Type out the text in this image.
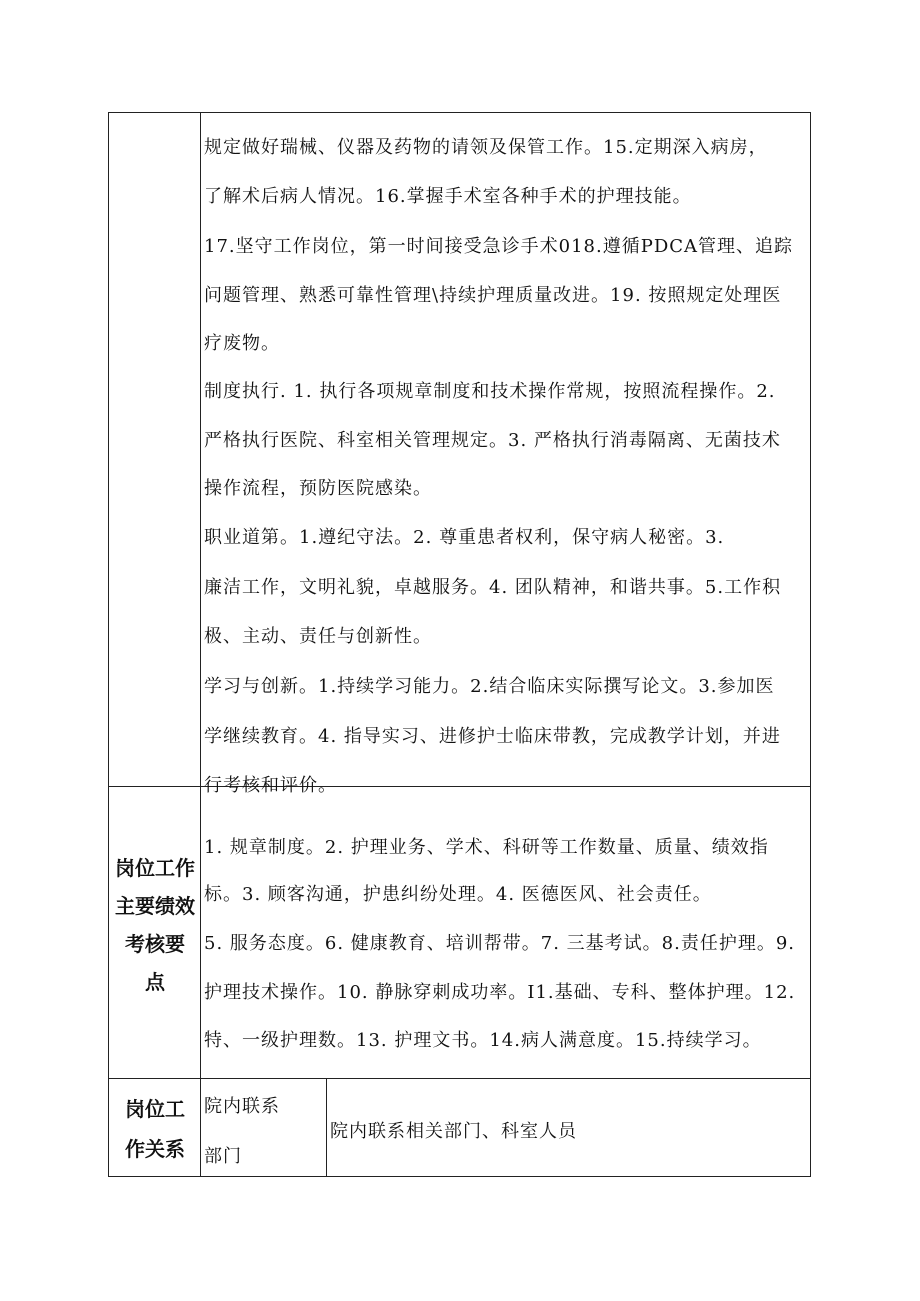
规定做好瑞械、仪器及药物的请领及保管工作。15.定期深入病房，
了解术后病人情况。16.掌握手术室各种手术的护理技能。
17.坚守工作岗位，第一时间接受急诊手术018.遵循PDCA管理、追踪
问题管理、熟悉可靠性管理\持续护理质量改进。19. 按照规定处理医
疗废物。
制度执行. 1. 执行各项规章制度和技术操作常规，按照流程操作。2.
严格执行医院、科室相关管理规定。3. 严格执行消毒隔离、无菌技术
操作流程，预防医院感染。
职业道第。1.遵纪守法。2. 尊重患者权利，保守病人秘密。3.
廉洁工作，文明礼貌，卓越服务。4. 团队精神，和谐共事。5.工作积
极、主动、责任与创新性。
学习与创新。1.持续学习能力。2.结合临床实际撰写论文。3.参加医
学继续教育。4. 指导实习、进修护士临床带教，完成教学计划，并进
行考核和评价。
岗位工作
主要绩效
考核要
点
1. 规章制度。2. 护理业务、学术、科研等工作数量、质量、绩效指
标。3. 顾客沟通，护患纠纷处理。4. 医德医风、社会责任。
5. 服务态度。6. 健康教育、培训帮带。7. 三基考试。8.责任护理。9.
护理技术操作。10. 静脉穿刺成功率。I1.基础、专科、整体护理。12.
特、一级护理数。13. 护理文书。14.病人满意度。15.持续学习。
岗位工
作关系
院内联系
部门
院内联系相关部门、科室人员
